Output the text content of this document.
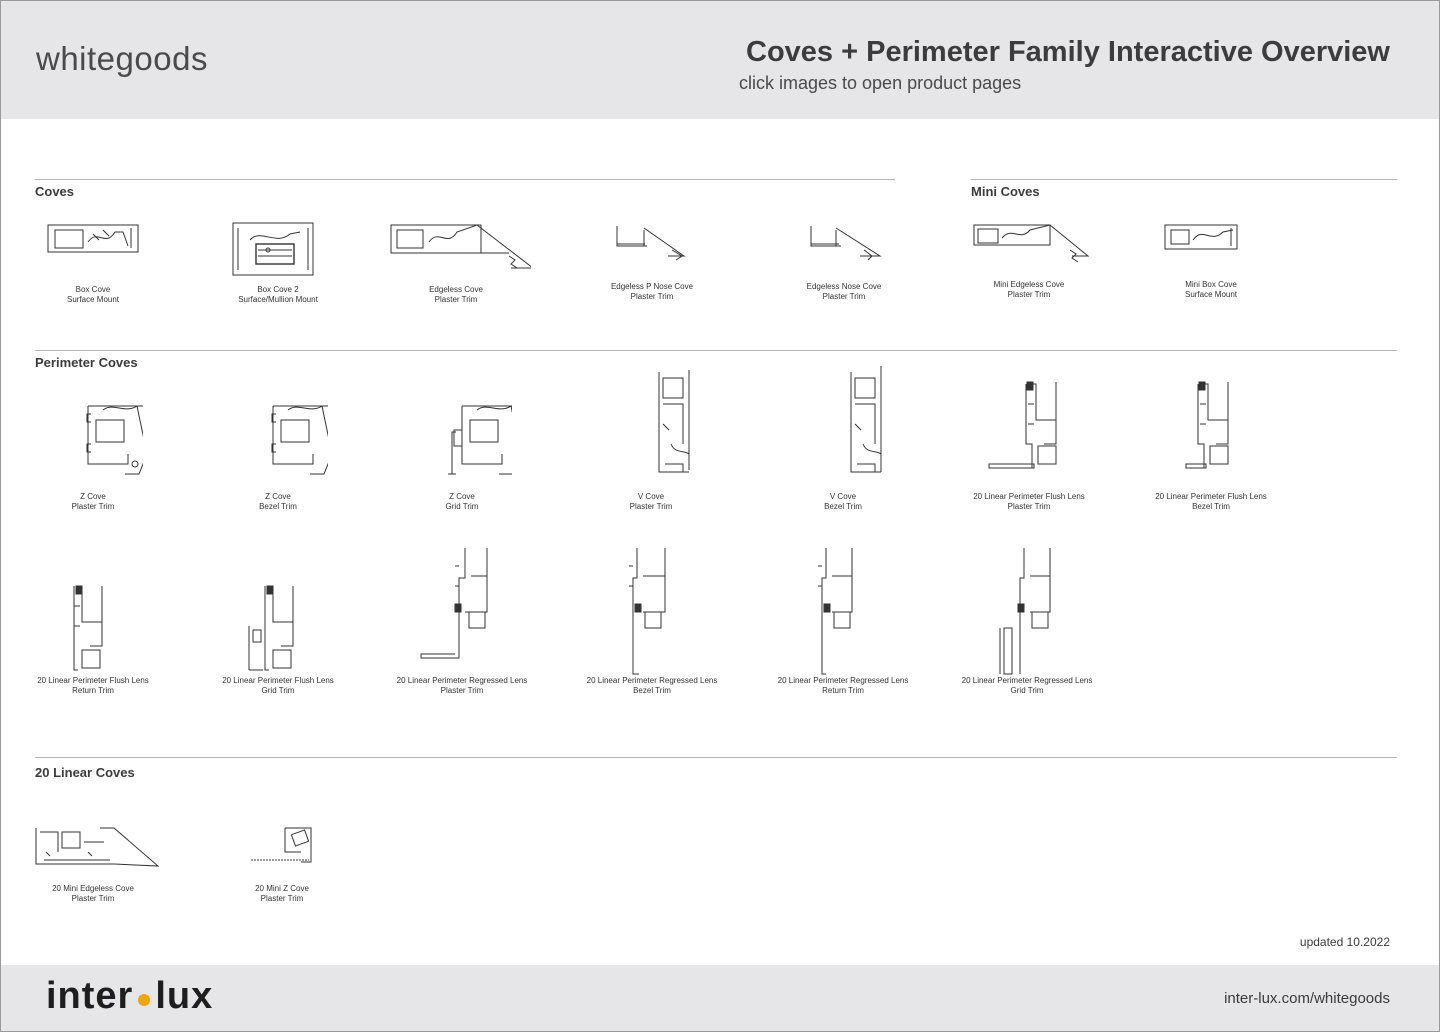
whitegoods	Coves + Perimeter Family Interactive Overview
click images to open product pages
Coves	Mini Coves
Perimeter Coves
20 Linear Coves
Box Cove
Surface Mount
Box Cove 2
Surface/Mullion Mount
Edgeless Cove
Plaster Trim
Edgeless P Nose Cove
Plaster Trim
Edgeless Nose Cove
Plaster Trim
Mini Edgeless Cove
Plaster Trim
Mini Box Cove
Surface Mount
Z Cove
Plaster Trim
Z Cove
Bezel Trim
Z Cove
Grid Trim
V Cove
Plaster Trim
V Cove
Bezel Trim
20 Linear Perimeter Flush Lens
Plaster Trim
20 Linear Perimeter Flush Lens
Bezel Trim
20 Linear Perimeter Flush Lens
Return Trim
20 Linear Perimeter Flush Lens
Grid Trim
20 Linear Perimeter Regressed Lens
Plaster Trim
20 Linear Perimeter Regressed Lens
Bezel Trim
20 Linear Perimeter Regressed Lens
Return Trim
20 Linear Perimeter Regressed Lens
Grid Trim
20 Mini Edgeless Cove
Plaster Trim
20 Mini Z Cove
Plaster Trim
updated 10.2022
inter lux	inter-lux.com/whitegoods
